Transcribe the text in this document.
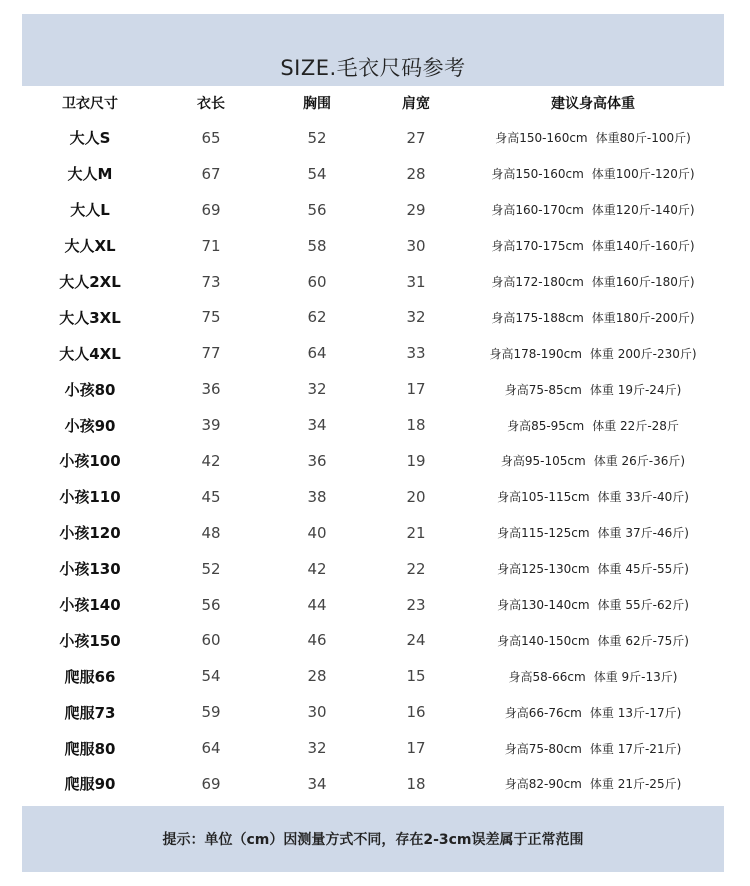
SIZE.毛衣尺码参考
卫衣尺寸	衣长	胸围	肩宽	建议身高体重
大人S	65	52	27	身高150-160cm 体重80斤-100斤)
大人M	67	54	28	身高150-160cm 体重100斤-120斤)
大人L	69	56	29	身高160-170cm 体重120斤-140斤)
大人XL	71	58	30	身高170-175cm 体重140斤-160斤)
大人2XL	73	60	31	身高172-180cm 体重160斤-180斤)
大人3XL	75	62	32	身高175-188cm 体重180斤-200斤)
大人4XL	77	64	33	身高178-190cm 体重 200斤-230斤)
小孩80	36	32	17	身高75-85cm 体重 19斤-24斤)
小孩90	39	34	18	身高85-95cm 体重 22斤-28斤
小孩100	42	36	19	身高95-105cm 体重 26斤-36斤)
小孩110	45	38	20	身高105-115cm 体重 33斤-40斤)
小孩120	48	40	21	身高115-125cm 体重 37斤-46斤)
小孩130	52	42	22	身高125-130cm 体重 45斤-55斤)
小孩140	56	44	23	身高130-140cm 体重 55斤-62斤)
小孩150	60	46	24	身高140-150cm 体重 62斤-75斤)
爬服66	54	28	15	身高58-66cm 体重 9斤-13斤)
爬服73	59	30	16	身高66-76cm 体重 13斤-17斤)
爬服80	64	32	17	身高75-80cm 体重 17斤-21斤)
爬服90	69	34	18	身高82-90cm 体重 21斤-25斤)
提示：单位（cm）因测量方式不同，存在2-3cm误差属于正常范围
